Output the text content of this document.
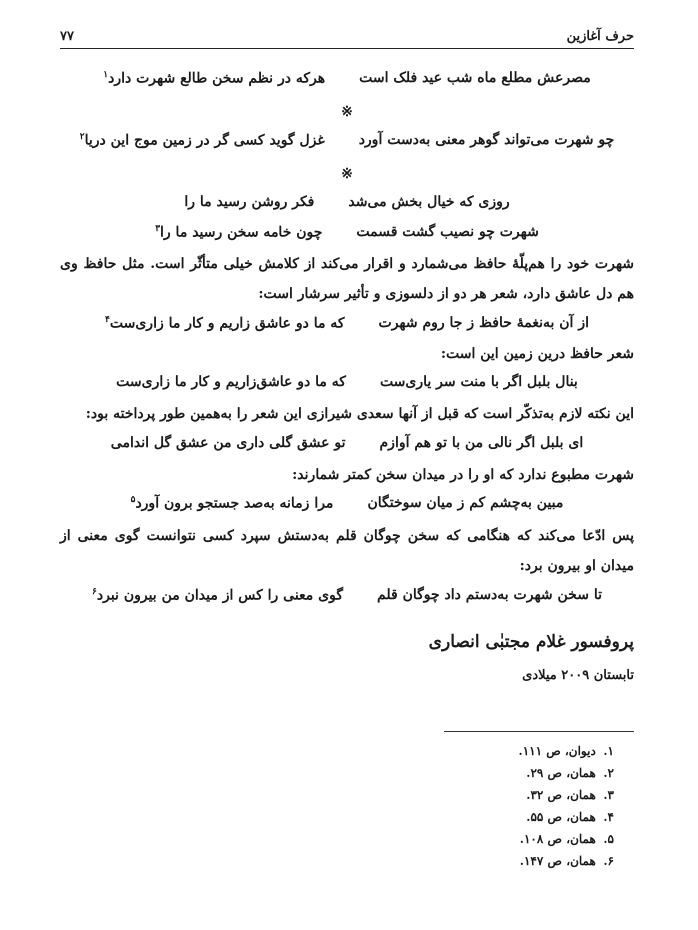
حرف آغازین
۷۷
مصرعش مطلع ماه شب عید فلک است
هرکه در نظم سخن طالع شهرت دارد$^۱$
※
چو شهرت می‌تواند گوهر معنی به‌دست آورد
غزل گوید کسی گر در زمین موج این دریا$^۲$
※
روزی که خیال بخش می‌شد
فکر روشن رسید ما را
شهرت چو نصیب گشت قسمت
چون خامه سخن رسید ما را$^۳$
شهرت خود را هم‌پلّهٔ حافظ می‌شمارد و اقرار می‌کند از کلامش خیلی متأثّر است. مثل حافظ وی هم دل عاشق دارد، شعر هر دو از دلسوزی و تأثیر سرشار است:
از آن به‌نغمهٔ حافظ ز جا روم شهرت
که ما دو عاشق زاریم و کار ما زاری‌ست$^۴$
شعر حافظ درین زمین این است:
بنال بلبل اگر با منت سر یاری‌ست
که ما دو عاشق‌زاریم و کار ما زاری‌ست
این نکته لازم به‌تذکّر است که قبل از آنها سعدی شیرازی این شعر را به‌همین طور پرداخته بود:
ای بلبل اگر نالی من با تو هم آوازم
تو عشق گلی داری من عشق گل اندامی
شهرت مطبوع ندارد که او را در میدان سخن کمتر شمارند:
مبین به‌چشم کم ز میان سوختگان
مرا زمانه به‌صد جستجو برون آورد$^۵$
پس ادّعا می‌کند که هنگامی که سخن چوگان قلم به‌دستش سپرد کسی نتوانست گوی معنی از میدان او بیرون برد:
تا سخن شهرت به‌دستم داد چوگان قلم
گوی معنی را کس از میدان من بیرون نبرد$^۶$
پروفسور غلام مجتبٰی انصاری
تابستان ۲۰۰۹ میلادی
۱. دیوان، ص ۱۱۱.
۲. همان، ص ۲۹.
۳. همان، ص ۳۲.
۴. همان، ص ۵۵.
۵. همان، ص ۱۰۸.
۶. همان، ص ۱۴۷.
